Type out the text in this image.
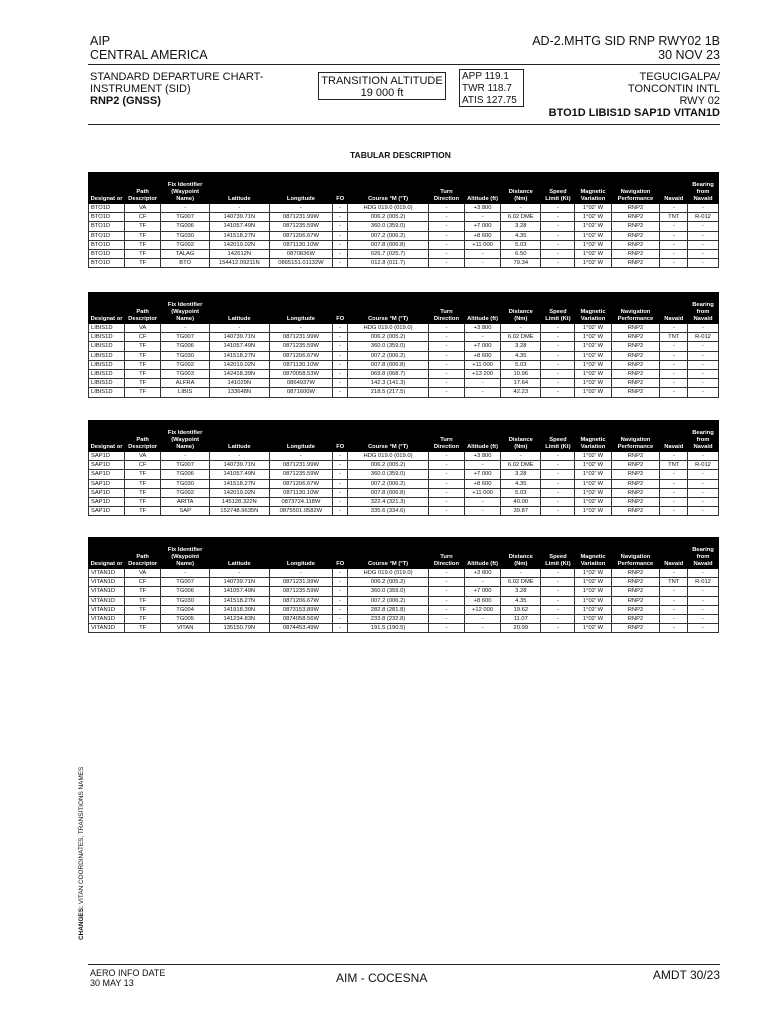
AIP
CENTRAL AMERICA
AD-2.MHTG SID RNP RWY02 1B
30 NOV 23
STANDARD DEPARTURE CHART-
INSTRUMENT (SID)
RNP2 (GNSS)
TRANSITION ALTITUDE
19 000 ft
APP 119.1
TWR 118.7
ATIS 127.75
TEGUCIGALPA/
TONCONTIN INTL
RWY 02
BTO1D LIBIS1D SAP1D VITAN1D
TABULAR DESCRIPTION
Designat or	Path Descriptor	Fix Identifier (Waypoint Name)	Latitude	Longitude	FO	Course °M (°T)	Turn Direction	Altitude (ft)	Distance (Nm)	Speed Limit (Kt)	Magnetic Variation	Navigation Performance	Navaid	Bearing from Navaid
BTO1D	VA	-	-	-	-	HDG 019.0 (019.0)	-	+3 800	-	-	1°02' W	RNP2	-	-
BTO1D	CF	TG007	140739.71N	0871231.99W	-	006.2 (005.2)	-	-	6.02 DME	-	1°02' W	RNP2	TNT	R-012
BTO1D	TF	TG006	141057.49N	0871235.59W	-	360.0 (359.0)	-	+7 000	3.28	-	1°02' W	RNP2	-	-
BTO1D	TF	TG030	141518.27N	0871206.67W	-	007.2 (006.2)	-	+8 600	4.35	-	1°02' W	RNP2	-	-
BTO1D	TF	TG002	142019.02N	0871130.10W	-	007.8 (006.8)	-	+11 000	5.03	-	1°02' W	RNP2	-	-
BTO1D	TF	TALAG	142612N	0870836W	-	026.7 (025.7)	-	-	6.50	-	1°02' W	RNP2	-	-
BTO1D	TF	BTO	154412.09211N	0865151.01132W	-	012.8 (011.7)	-	-	79.34	-	1°02' W	RNP2	-	-
Designat or	Path Descriptor	Fix Identifier (Waypoint Name)	Latitude	Longitude	FO	Course °M (°T)	Turn Direction	Altitude (ft)	Distance (Nm)	Speed Limit (Kt)	Magnetic Variation	Navigation Performance	Navaid	Bearing from Navaid
LIBIS1D	VA	-	-	-	-	HDG 019.0 (019.0)	-	+3 800	-	-	1°02' W	RNP2	-	-
LIBIS1D	CF	TG007	140739.71N	0871231.99W	-	006.2 (005.2)	-	-	6.02 DME	-	1°02' W	RNP2	TNT	R-012
LIBIS1D	TF	TG006	141057.49N	0871235.59W	-	360.0 (359.0)	-	+7 000	3.28	-	1°02' W	RNP2	-	-
LIBIS1D	TF	TG030	141518.27N	0871206.67W	-	007.2 (006.2)	-	+8 600	4.35	-	1°02' W	RNP2	-	-
LIBIS1D	TF	TG002	142019.02N	0871130.10W	-	007.8 (006.8)	-	+11 000	5.03	-	1°02' W	RNP2	-	-
LIBIS1D	TF	TG003	142418.39N	0870058.53W	-	069.8 (068.7)	-	+13 200	10.96	-	1°02' W	RNP2	-	-
LIBIS1D	TF	ALFRA	141029N	0864937W	-	142.3 (141.3)	-	-	17.64	-	1°02' W	RNP2	-	-
LIBIS1D	TF	LIBIS	133648N	0871600W	-	218.5 (217.5)	-	-	42.23	-	1°02' W	RNP2	-	-
Designat or	Path Descriptor	Fix Identifier (Waypoint Name)	Latitude	Longitude	FO	Course °M (°T)	Turn Direction	Altitude (ft)	Distance (Nm)	Speed Limit (Kt)	Magnetic Variation	Navigation Performance	Navaid	Bearing from Navaid
SAP1D	VA	-	-	-	-	HDG 019.0 (019.0)	-	+3 800	-	-	1°02' W	RNP2	-	-
SAP1D	CF	TG007	140739.71N	0871231.99W	-	006.2 (005.2)	-	-	6.02 DME	-	1°02' W	RNP2	TNT	R-012
SAP1D	TF	TG006	141057.49N	0871235.59W	-	360.0 (359.0)	-	+7 000	3.28	-	1°02' W	RNP2	-	-
SAP1D	TF	TG030	141518.27N	0871206.67W	-	007.2 (006.2)	-	+8 600	4.35	-	1°02' W	RNP2	-	-
SAP1D	TF	TG002	142019.02N	0871130.10W	-	007.8 (006.8)	-	+11 000	5.03	-	1°02' W	RNP2	-	-
SAP1D	TF	ARITA	145128.322N	0873724.118W	-	322.4 (321.3)	-	-	40.00	-	1°02' W	RNP2	-	-
SAP1D	TF	SAP	152748.9635N	0875501.0582W	-	335.6 (334.6)	-	-	39.87	-	1°02' W	RNP2	-	-
Designat or	Path Descriptor	Fix Identifier (Waypoint Name)	Latitude	Longitude	FO	Course °M (°T)	Turn Direction	Altitude (ft)	Distance (Nm)	Speed Limit (Kt)	Magnetic Variation	Navigation Performance	Navaid	Bearing from Navaid
VITAN1D	VA	-	-	-	-	HDG 019.0 (019.0)	-	+3 800	-	-	1°02' W	RNP2	-	-
VITAN1D	CF	TG007	140739.71N	0871231.99W	-	006.2 (005.2)	-	-	6.02 DME	-	1°02' W	RNP2	TNT	R-012
VITAN1D	TF	TG006	141057.49N	0871235.59W	-	360.0 (359.0)	-	+7 000	3.28	-	1°02' W	RNP2	-	-
VITAN1D	TF	TG030	141518.27N	0871206.67W	-	007.2 (006.2)	-	+8 600	4.35	-	1°02' W	RNP2	-	-
VITAN1D	TF	TG004	141918.30N	0873153.89W	-	282.8 (281.8)	-	+12 000	19.62	-	1°02' W	RNP2	-	-
VITAN1D	TF	TG005	141234.83N	0874058.56W	-	233.8 (232.8)	-	-	11.07	-	1°02' W	RNP2	-	-
VITAN1D	TF	VITAN	135150.79N	0874453.49W	-	191.5 (190.5)	-	-	20.99	-	1°02' W	RNP2	-	-
CHANGES: VITAN COORDINATES, TRANSITIONS NAMES
AERO INFO DATE
30 MAY 13	AIM - COCESNA	AMDT 30/23
